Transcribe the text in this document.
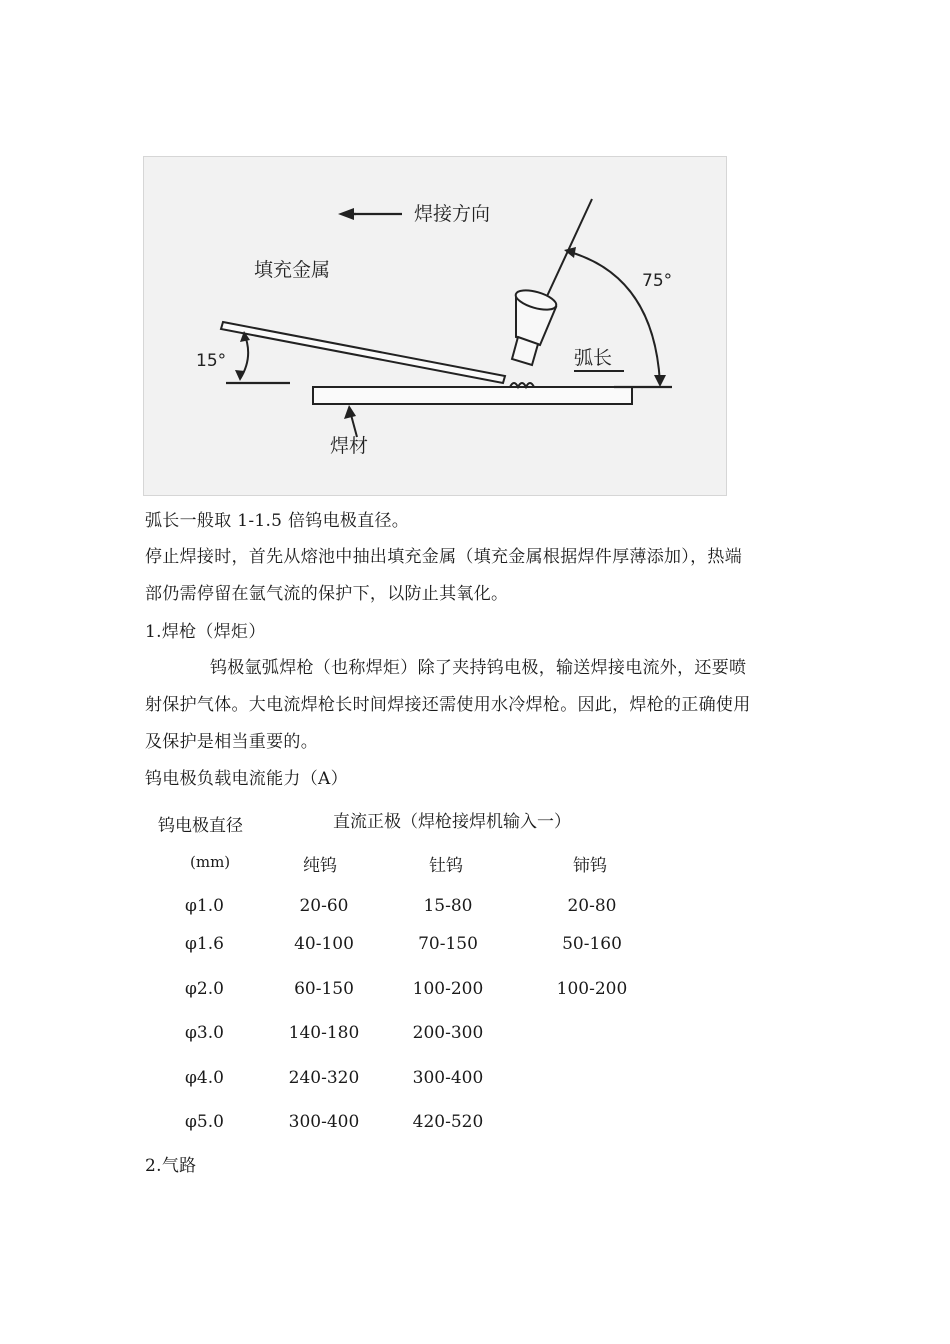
焊接方向
填充金属	75°
15°	弧长
焊材
弧长一般取 1-1.5 倍钨电极直径。
停止焊接时，首先从熔池中抽出填充金属（填充金属根据焊件厚薄添加），热端
部仍需停留在氩气流的保护下，以防止其氧化。
1.焊枪（焊炬）
钨极氩弧焊枪（也称焊炬）除了夹持钨电极，输送焊接电流外，还要喷
射保护气体。大电流焊枪长时间焊接还需使用水冷焊枪。因此，焊枪的正确使用
及保护是相当重要的。
钨电极负载电流能力（A）
钨电极直径	直流正极（焊枪接焊机输入一）
(mm)	纯钨	钍钨	铈钨
φ1.0	20-60	15-80	20-80
φ1.6	40-100	70-150	50-160
φ2.0	60-150	100-200	100-200
φ3.0	140-180	200-300
φ4.0	240-320	300-400
φ5.0	300-400	420-520
2.气路
